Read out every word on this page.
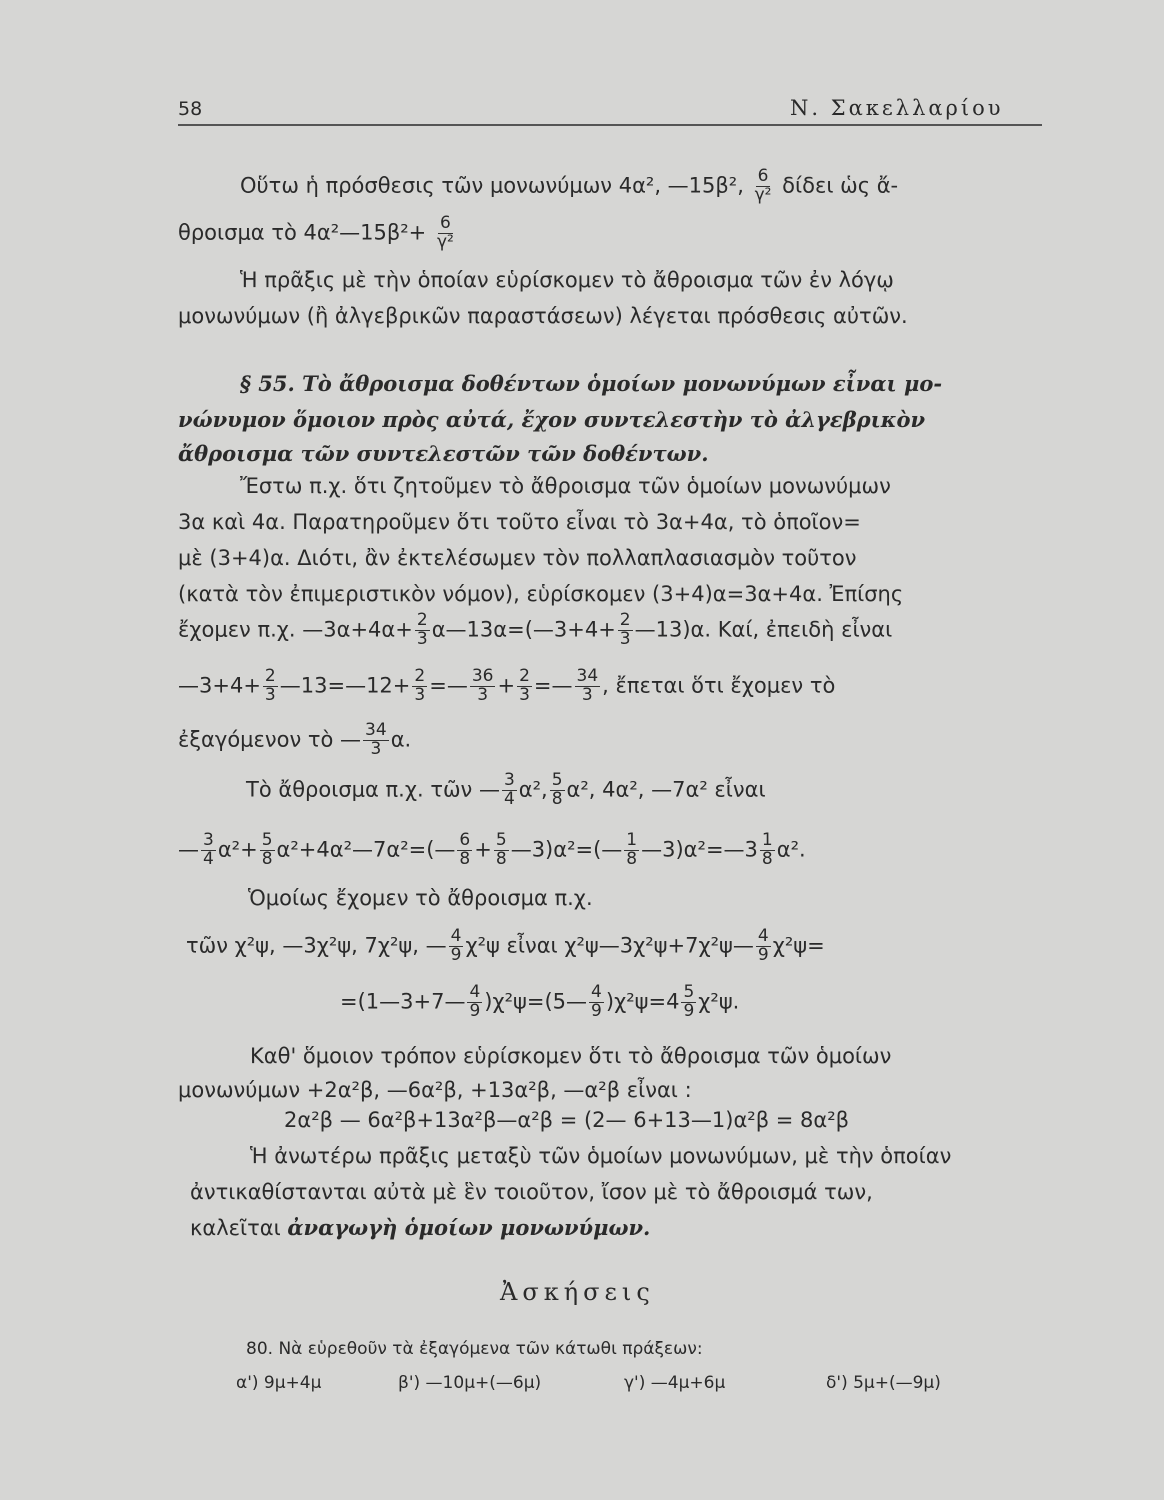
58	Ν. Σακελλαρίου
Οὕτω ἡ πρόσθεσις τῶν μονωνύμων 4α², —15β², $\frac{6}{\text{γ²}}$ δίδει ὡς ἄ-
θροισμα τὸ 4α²—15β²+ $\frac{6}{\text{γ²}}$
Ἡ πρᾶξις μὲ τὴν ὁποίαν εὑρίσκομεν τὸ ἄθροισμα τῶν ἐν λόγῳ
μονωνύμων (ἢ ἀλγεβρικῶν παραστάσεων) λέγεται πρόσθεσις αὐτῶν.
§ 55. Τὸ ἄθροισμα δοθέντων ὁμοίων μονωνύμων εἶναι μο-
νώνυμον ὅμοιον πρὸς αὐτά, ἔχον συντελεστὴν τὸ ἀλγεβρικὸν
ἄθροισμα τῶν συντελεστῶν τῶν δοθέντων.
Ἔστω π.χ. ὅτι ζητοῦμεν τὸ ἄθροισμα τῶν ὁμοίων μονωνύμων
3α καὶ 4α. Παρατηροῦμεν ὅτι τοῦτο εἶναι τὸ 3α+4α, τὸ ὁποῖον=
μὲ (3+4)α. Διότι, ἂν ἐκτελέσωμεν τὸν πολλαπλασιασμὸν τοῦτον
(κατὰ τὸν ἐπιμεριστικὸν νόμον), εὑρίσκομεν (3+4)α=3α+4α. Ἐπίσης
ἔχομεν π.χ. —3α+4α+ $\frac{2}{3}$ α—13α=(—3+4+ $\frac{2}{3}$ —13)α. Καί, ἐπειδὴ εἶναι
—3+4+ $\frac{2}{3}$ —13=—12+ $\frac{2}{3}$ =— $\frac{36}{3} + \frac{2}{3}$ =— $\frac{34}{3}$ , ἔπεται ὅτι ἔχομεν τὸ
ἐξαγόμενον τὸ — $\frac{34}{3} \alpha$.
Τὸ ἄθροισμα π.χ. τῶν — $\frac{3}{4} \alpha^2$, $\frac{5}{8} \alpha^2$, 4α², —7α² εἶναι
— $\frac{3}{4} \alpha^2+ \frac{5}{8}$ α²+4α²—7α²=(— $\frac{6}{8} + \frac{5}{8}$ —3)α²=(— $\frac{1}{8}$ —3)α²=—3 $\frac{1}{8} \alpha^2$.
Ὁμοίως ἔχομεν τὸ ἄθροισμα π.χ.
τῶν χ²ψ, —3χ²ψ, 7χ²ψ, — $\frac{4}{9} \chi^2\psi$ εἶναι χ²ψ—3χ²ψ+7χ²ψ— $\frac{4}{9} \chi^2\psi=$
=(1—3+7— $\frac{4}{9}$ )χ²ψ=(5— $\frac{4}{9} )\chi^2\psi=4 \frac{5}{9} \chi^2\psi$.
Καθ' ὅμοιον τρόπον εὑρίσκομεν ὅτι τὸ ἄθροισμα τῶν ὁμοίων
μονωνύμων +2α²β, —6α²β, +13α²β, —α²β εἶναι :
2α²β — 6α²β+13α²β—α²β = (2— 6+13—1)α²β = 8α²β
Ἡ ἀνωτέρω πρᾶξις μεταξὺ τῶν ὁμοίων μονωνύμων, μὲ τὴν ὁποίαν
ἀντικαθίστανται αὐτὰ μὲ ἓν τοιοῦτον, ἴσον μὲ τὸ ἄθροισμά των,
καλεῖται ἀναγωγὴ ὁμοίων μονωνύμων.
Ἀσκήσεις
80. Νὰ εὑρεθοῦν τὰ ἐξαγόμενα τῶν κάτωθι πράξεων:
α') 9μ+4μ	β') —10μ+(—6μ)	γ') —4μ+6μ	δ') 5μ+(—9μ)
